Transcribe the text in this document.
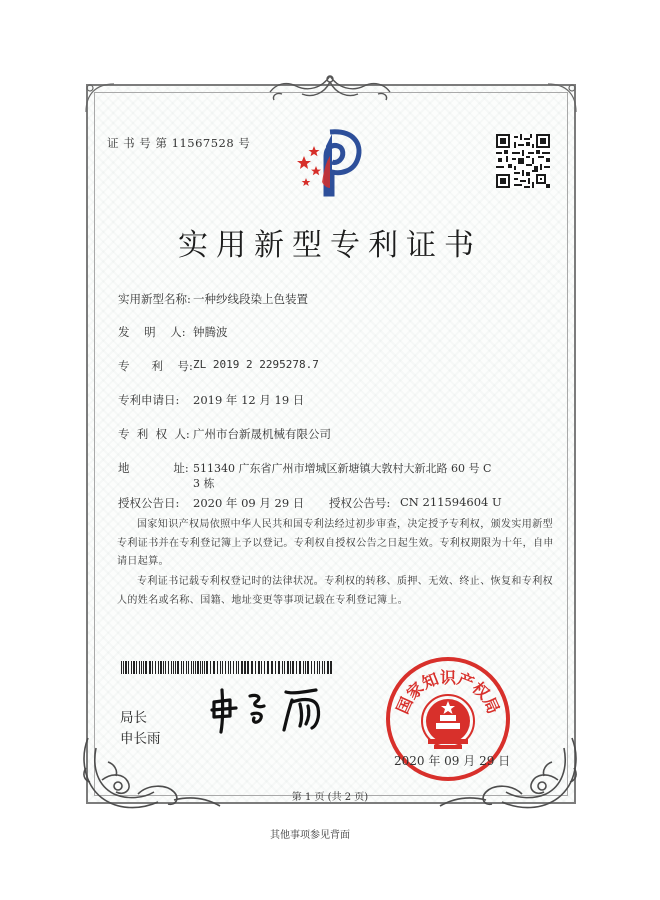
证 书 号 第 11567528 号
实用新型专利证书
实用新型名称: 一种纱线段染上色装置
发    明    人: 钟腾波
专      利    号: ZL 2019 2 2295278.7
专利申请日: 2019 年 12 月 19 日
专  利  权  人: 广州市台新晟机械有限公司
地            址: 511340 广东省广州市增城区新塘镇大敦村大新北路 60 号 C
3 栋
授权公告日: 2020 年 09 月 29 日 授权公告号: CN 211594604 U
国家知识产权局依照中华人民共和国专利法经过初步审查，决定授予专利权，颁发实用新型专利证书并在专利登记簿上予以登记。专利权自授权公告之日起生效。专利权期限为十年，自申请日起算。
专利证书记载专利权登记时的法律状况。专利权的转移、质押、无效、终止、恢复和专利权人的姓名或名称、国籍、地址变更等事项记载在专利登记簿上。
局长
申长雨
国家知识产权局
2020 年 09 月 29 日
第 1 页 (共 2 页)
其他事项参见背面
